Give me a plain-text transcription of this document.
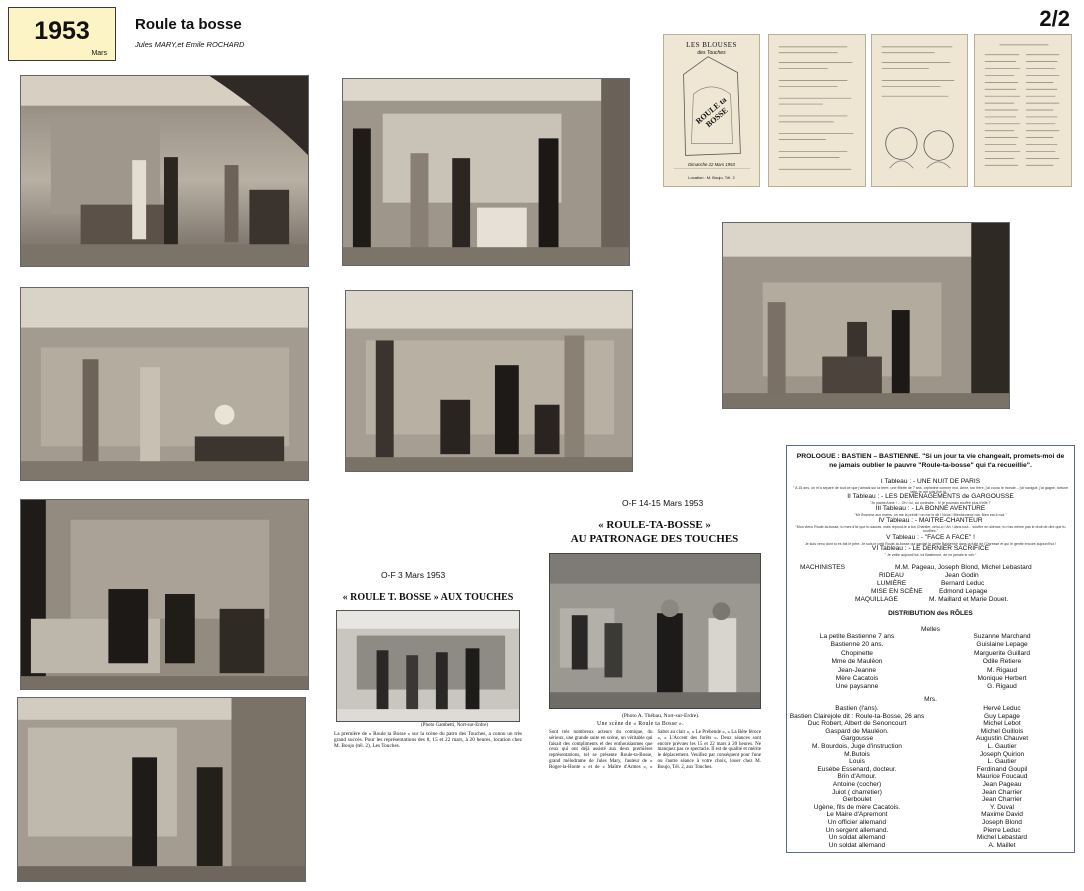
1953
Mars
Roule ta bosse
Jules MARY,et Emile ROCHARD
2/2
LES BLOUSES
des Touches
ROULE ta BOSSE
Dimanche 22 Mars 1953
Location : M. Boujo, Tél. 2
O-F 3 Mars 1953
« ROULE T. BOSSE » AUX TOUCHES
(Photo Gambetti, Nort-sur-Erdre)
La première de « Roule ta Bosse » sur la scène du patro des Touches, a connu un très grand succès. Pour les représentations des 8, 15 et 22 mars, à 20 heures, location chez M. Boujo (tél. 2), Les Touches.
O-F 14-15 Mars 1953
« ROULE-TA-BOSSE »
AU PATRONAGE DES TOUCHES
(Photo A. Thébau, Nort-sur-Erdre).
Une scène de « Roule ta Bosse ».
Sont très nombreux acteurs du comique, du sérieux, une grande suite en scène, un véritable qui faisait des compliments et des enthousiasmes que ceux qui ont déjà assisté aux deux premières représentations, tel se présente Roule-ta-Bosse, grand mélodrame de Jules Mary, l'auteur de « Roger-la-Honte » et de « Maître d'Armes », « Sabot au clair », « Le Prébende », « La Bête féroce », « L'Accent des forêts ». Deux séances sont encore prévues les 15 et 22 mars à 20 heures. Ne manquez pas ce spectacle. Il est de qualité et mérite le déplacement. Veuillez par conséquent pour l'une ou l'autre séance à votre choix, louer chez M. Boujo, Tél. 2, aux Touches.
PROLOGUE : BASTIEN – BASTIENNE. "Si un jour ta vie changeait, promets-moi de ne jamais oublier le pauvre "Roule-ta-bosse" qui t'a recueillie".
I Tableau : - UNE NUIT DE PARIS
" A 15 ans, on m'a séparé de tout ce que j'aimais sur la terre, une fillette de 7 ans, orpheline comme moi, Anne, ton frère, j'ai couru le monde... j'ai navigué, j'ai gagné, fortune faite, je me suis fixé ici..."
II Tableau : - LES DEMENAGEMENTS de GARGOUSSE
"Je plains Anne ! ... Oh ! ici, au contraire... N' je pourrais souffrir plus d'elle !"
III Tableau : - LA BONNE AVENTURE
"Mr l'homme aux mains, on me la prédit ! on me le dit ! Nous ! Bienheureux ma. Bien est-il moi."
IV Tableau : - MAITRE-CHANTEUR
"Mon vieux Roule-ta-bosse, tu mes d'ici que tu sauras, mais répond-le à ton Chantier, celui-ci ! Ah ! dans tout... souffre en silence, tu n'as même pas le droit de dire que tu souffres."
V Tableau : - "FACE A FACE" !
Je suis venu dont tu es fait le père. Je suis le petit Roule-ta-bosse qui gardait le petite Bastienne dans la fuite de l'Ogresse et qui le gentle encore aujourd'hui !
VI Tableau : - LE DERNIER SACRIFICE
" Je veille aujourd'hui, toi Bastienne, de ne jamais le voir."
MACHINISTES	M.M. Pageau, Joseph Blond, Michel Lebastard
RIDEAU	Jean Godin
LUMIÈRE	Bernard Leduc
MISE EN SCÈNE Edmond Lepage
MAQUILLAGE	M. Maillard et Marie Douet.
DISTRIBUTION des RÔLES
Melles
La petite Bastienne 7 ans	Suzanne Marchand
Bastienne 20 ans.	Guislaine Lepage
Chopinette	Marguerite Guillard
Mme de Mauléon	Odile Retiere
Jean-Jeanne	M. Rigaud
Mère Cacatois	Monique Herbert
Une paysanne	G. Rigaud
Mrs.
Bastien (l'ans).	Hervé Leduc
Bastien Clairejole dit : Roule-ta-Bosse, 26 ans	Guy Lepage
Duc Robert, Albert de Senoncourt	Michel Lebot
Gaspard de Mauléon.	Michel Guillois
Gargousse	Augustin Chauvet
M. Bourdois, Juge d'instruction	L. Gautier
M.Butois	Joseph Quirion
Louis	L. Gautier
Eusèbe Essenard, docteur.	Ferdinand Goupil
Brin d'Amour.	Maurice Foucaud
Antoine (cocher)	Jean Pageau
Juiot ( charretier)	Jean Charrier
Gerboulet	Jean Charrier
Ugène, fils de mère Cacatois.	Y. Duval
Le Maire d'Apremont	Maxime David
Un officier allemand	Joseph Blond
Un sergent allemand.	Pierre Leduc
Un soldat allemand	Michel Lebastard
Un soldat allemand	A. Maillet
